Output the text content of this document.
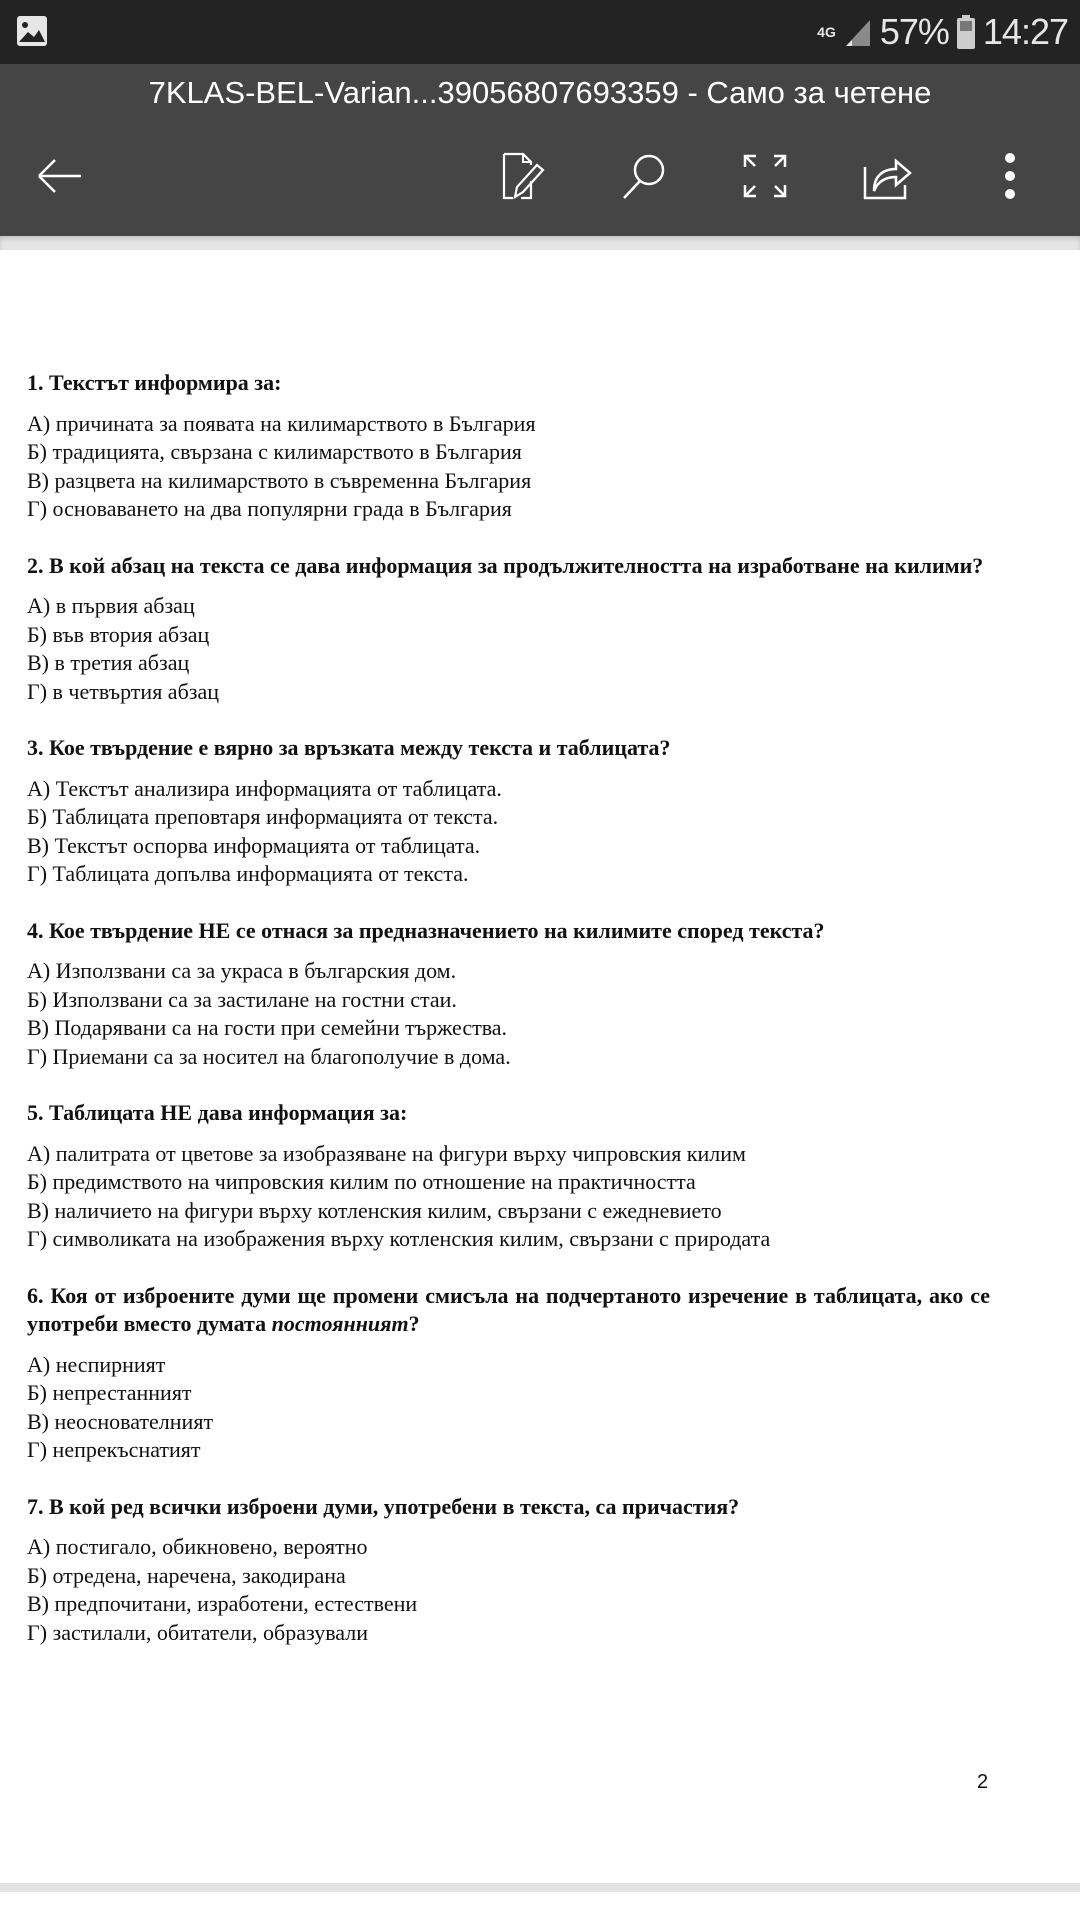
4G 57% 14:27
7KLAS-BEL-Varian...39056807693359 - Само за четене
1. Текстът информира за:
А) причината за появата на килимарството в България
Б) традицията, свързана с килимарството в България
В) разцвета на килимарството в съвременна България
Г) основаването на два популярни града в България
2. В кой абзац на текста се дава информация за продължителността на изработване на килими?
А) в първия абзац
Б) във втория абзац
В) в третия абзац
Г) в четвъртия абзац
3. Кое твърдение е вярно за връзката между текста и таблицата?
А) Текстът анализира информацията от таблицата.
Б) Таблицата преповтаря информацията от текста.
В) Текстът оспорва информацията от таблицата.
Г) Таблицата допълва информацията от текста.
4. Кое твърдение НЕ се отнася за предназначението на килимите според текста?
А) Използвани са за украса в българския дом.
Б) Използвани са за застилане на гостни стаи.
В) Подарявани са на гости при семейни тържества.
Г) Приемани са за носител на благополучие в дома.
5. Таблицата НЕ дава информация за:
А) палитрата от цветове за изобразяване на фигури върху чипровския килим
Б) предимството на чипровския килим по отношение на практичността
В) наличието на фигури върху котленския килим, свързани с ежедневието
Г) символиката на изображения върху котленския килим, свързани с природата
6. Коя от изброените думи ще промени смисъла на подчертаното изречение в таблицата, ако се употреби вместо думата постоянният?
А) неспирният
Б) непрестанният
В) неоснователният
Г) непрекъснатият
7. В кой ред всички изброени думи, употребени в текста, са причастия?
А) постигало, обикновено, вероятно
Б) отредена, наречена, закодирана
В) предпочитани, изработени, естествени
Г) застилали, обитатели, образували
2
